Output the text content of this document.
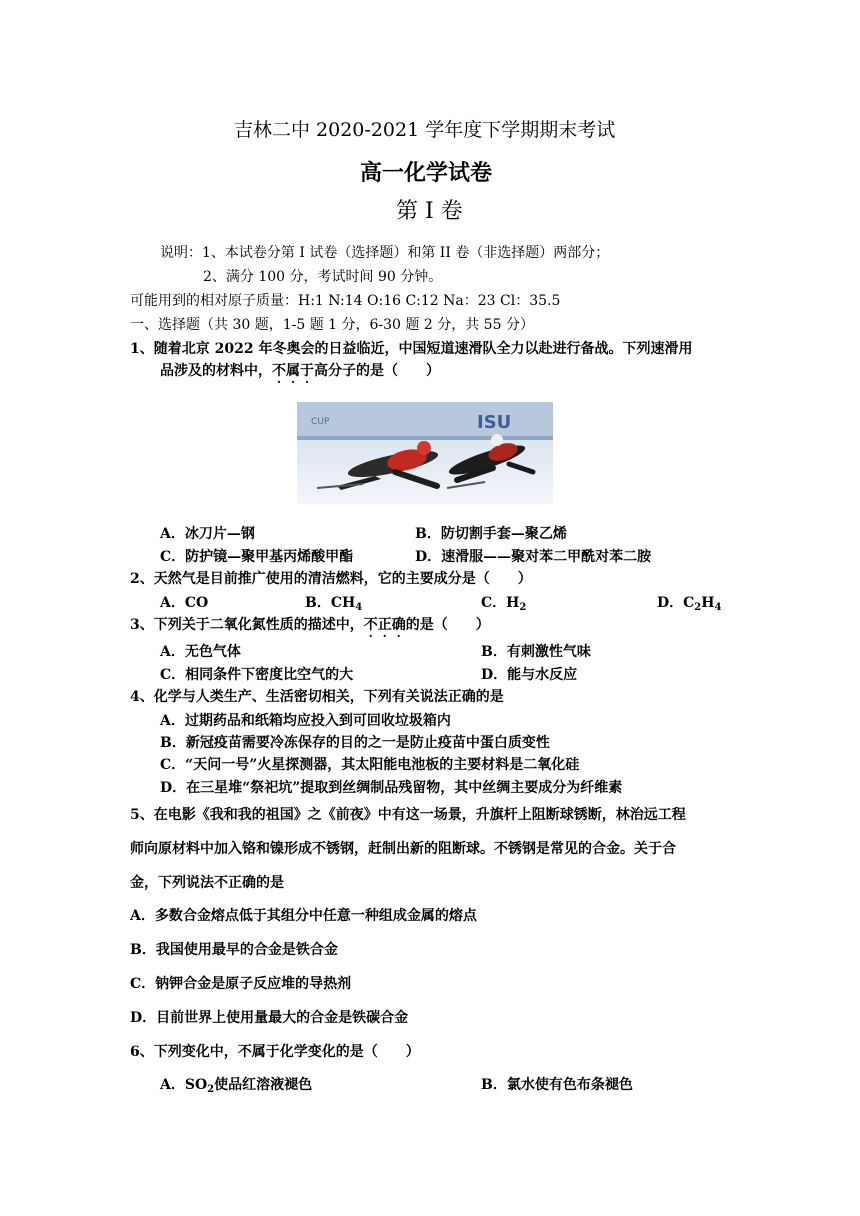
吉林二中 2020-2021 学年度下学期期末考试
高一化学试卷
第 I 卷
说明：1、本试卷分第 I 试卷（选择题）和第 II 卷（非选择题）两部分；
2、满分 100 分，考试时间 90 分钟。
可能用到的相对原子质量：H:1 N:14 O:16 C:12 Na：23 Cl：35.5
一、选择题（共 30 题，1-5 题 1 分，6-30 题 2 分，共 55 分）
1、随着北京 2022 年冬奥会的日益临近，中国短道速滑队全力以赴进行备战。下列速滑用
品涉及的材料中，不属于高分子的是（　　）
CUP	ISU
A．冰刀片—钢	B．防切割手套—聚乙烯
C．防护镜—聚甲基丙烯酸甲酯	D．速滑服——聚对苯二甲酰对苯二胺
2、天然气是目前推广使用的清洁燃料，它的主要成分是（　　）
A．CO	B．$CH_4$	C．$H_2$	D．$C_2H_4$
3、下列关于二氧化氮性质的描述中，不正确的是（　　）
A．无色气体	B．有刺激性气味
C．相同条件下密度比空气的大	D．能与水反应
4、化学与人类生产、生活密切相关，下列有关说法正确的是
A．过期药品和纸箱均应投入到可回收垃圾箱内
B．新冠疫苗需要冷冻保存的目的之一是防止疫苗中蛋白质变性
C．“天问一号”火星探测器，其太阳能电池板的主要材料是二氧化硅
D．在三星堆“祭祀坑”提取到丝绸制品残留物，其中丝绸主要成分为纤维素
5、在电影《我和我的祖国》之《前夜》中有这一场景，升旗杆上阻断球锈断，林治远工程
师向原材料中加入铬和镍形成不锈钢，赶制出新的阻断球。不锈钢是常见的合金。关于合
金，下列说法不正确的是
A．多数合金熔点低于其组分中任意一种组成金属的熔点
B．我国使用最早的合金是铁合金
C．钠钾合金是原子反应堆的导热剂
D．目前世界上使用量最大的合金是铁碳合金
6、下列变化中，不属于化学变化的是（　　）
A．$SO_2$使品红溶液褪色	B．氯水使有色布条褪色
